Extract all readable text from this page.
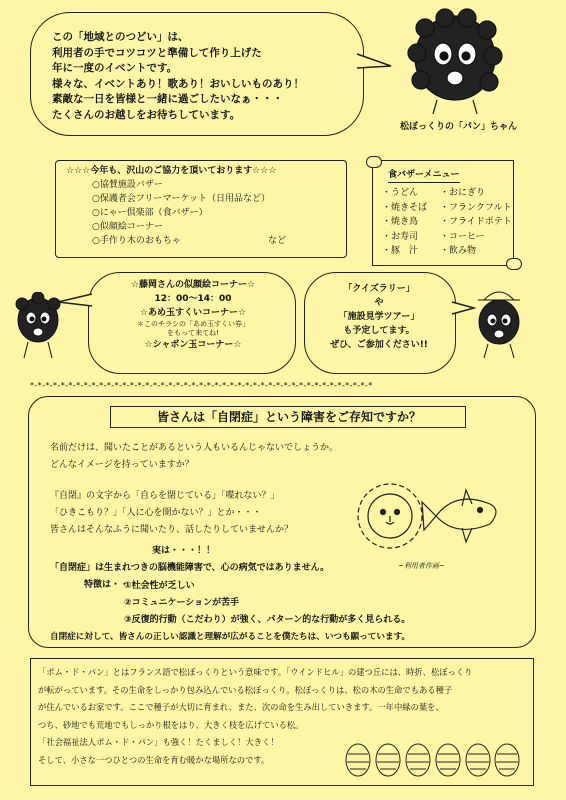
この「地域とのつどい」は、
利用者の手でコツコツと準備して作り上げた
年に一度のイベントです。
様々な、イベントあり！歌あり！おいしいものあり！
素敵な一日を皆様と一緒に過ごしたいなぁ・・・
たくさんのお越しをお待ちしています。
松ぼっくりの「パン」ちゃん
☆☆☆今年も、沢山のご協力を頂いております☆☆☆
○協賛施設バザー
○保護者会フリーマーケット（日用品など）
○にゃー倶楽部（食バザー）
○似顔絵コーナー
○手作り木のおもちゃ	など
食バザーメニュー
・うどん
・焼きそば
・焼き鳥
・お寿司
・豚　汁
・おにぎり
・フランクフルト
・フライドポテト
・コーヒー
・飲み物
☆藤岡さんの似顔絵コーナー☆
12：00～14：00
☆あめ玉すくいコーナー☆
＊このチラシの「あめ玉すくい券」
をもって来てね!
☆シャボン玉コーナー☆
「クイズラリー」
や
「施設見学ツアー」
も予定してます。
ぜひ、ご参加ください!!
*-*-*-*-*-*-*-*-*-*-*-*-*-*-*-*-*-*-*-*-*-*-*-*-*-*-*-*-*-*-*-*-*-*-*-*-*-*-*-*-*-*-*-*-*
皆さんは「自閉症」という障害をご存知ですか？
名前だけは、聞いたことがあるという人もいるんじゃないでしょうか。
どんなイメージを持っていますか？
『自閉』の文字から「自らを閉じている」「喋れない？」
「ひきこもり？」「人に心を開かない？」とか・・・
皆さんはそんなふうに聞いたり、話したりしていませんか？
実は・・・！！
「自閉症」は生まれつきの脳機能障害で、心の病気ではありません。
特徴は・・・
①社会性が乏しい
②コミュニケーションが苦手
③反復的行動（こだわり）が強く、パターン的な行動が多く見られる。
自閉症に対して、皆さんの正しい認識と理解が広がることを僕たちは、いつも願っています。
~利用者作画~
「ポム・ド・パン」とはフランス語で松ぼっくりという意味です。「ウインドヒル」の建つ丘には、時折、松ぼっくり
が転がっています。その生命をしっかり包み込んでいる松ぼっくり。松ぼっくりは、松の木の生命でもある種子
が住んでいるお家です。ここで種子が大切に育まれ、また、次の命を生み出していきます。一年中緑の葉を、
つち、砂地でも荒地でもしっかり根をはり、大きく枝を広げている松。
「社会福祉法人ポム・ド・パン」も強く！たくましく！大きく！
そして、小さな一つひとつの生命を育む暖かな場所なのです。
